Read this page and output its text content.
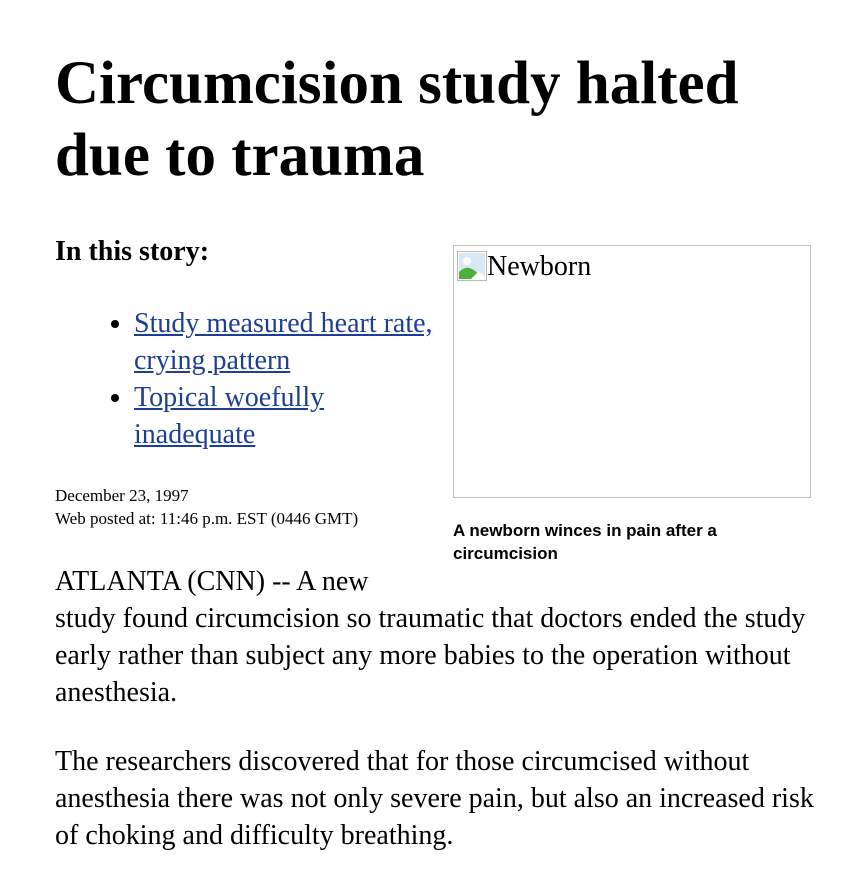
Circumcision study halted due to trauma
In this story:
• Study measured heart rate, crying pattern
• Topical woefully inadequate
December 23, 1997
Web posted at: 11:46 p.m. EST (0446 GMT)
Newborn
A newborn winces in pain after a circumcision

ATLANTA (CNN) -- A new
study found circumcision so traumatic that doctors ended the study early rather than subject any more babies to the operation without anesthesia.

The researchers discovered that for those circumcised without anesthesia there was not only severe pain, but also an increased risk of choking and difficulty breathing.
